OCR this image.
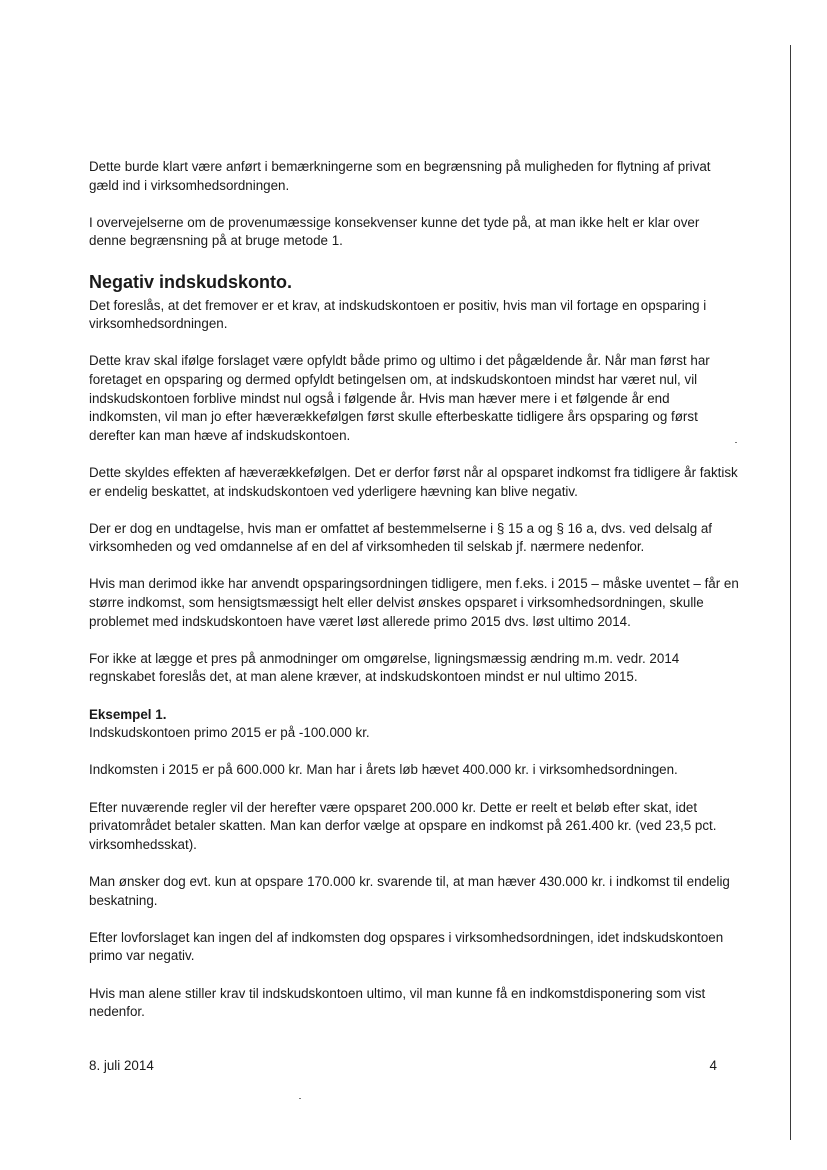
Dette burde klart være anført i bemærkningerne som en begrænsning på muligheden for flytning af privat gæld ind i virksomhedsordningen.

I overvejelserne om de provenumæssige konsekvenser kunne det tyde på, at man ikke helt er klar over denne begrænsning på at bruge metode 1.

Negativ indskudskonto.

Det foreslås, at det fremover er et krav, at indskudskontoen er positiv, hvis man vil fortage en opsparing i virksomhedsordningen.

Dette krav skal ifølge forslaget være opfyldt både primo og ultimo i det pågældende år. Når man først har foretaget en opsparing og dermed opfyldt betingelsen om, at indskudskontoen mindst har været nul, vil indskudskontoen forblive mindst nul også i følgende år. Hvis man hæver mere i et følgende år end indkomsten, vil man jo efter hæverækkefølgen først skulle efterbeskatte tidligere års opsparing og først derefter kan man hæve af indskudskontoen.

Dette skyldes effekten af hæverækkefølgen. Det er derfor først når al opsparet indkomst fra tidligere år faktisk er endelig beskattet, at indskudskontoen ved yderligere hævning kan blive negativ.

Der er dog en undtagelse, hvis man er omfattet af bestemmelserne i § 15 a og § 16 a, dvs. ved delsalg af virksomheden og ved omdannelse af en del af virksomheden til selskab jf. nærmere nedenfor.

Hvis man derimod ikke har anvendt opsparingsordningen tidligere, men f.eks. i 2015 – måske uventet – får en større indkomst, som hensigtsmæssigt helt eller delvist ønskes opsparet i virksomhedsordningen, skulle problemet med indskudskontoen have været løst allerede primo 2015 dvs. løst ultimo 2014.

For ikke at lægge et pres på anmodninger om omgørelse, ligningsmæssig ændring m.m. vedr. 2014 regnskabet foreslås det, at man alene kræver, at indskudskontoen mindst er nul ultimo 2015.

Eksempel 1.

Indskudskontoen primo 2015 er på -100.000 kr.

Indkomsten i 2015 er på 600.000 kr. Man har i årets løb hævet 400.000 kr. i virksomhedsordningen.

Efter nuværende regler vil der herefter være opsparet 200.000 kr. Dette er reelt et beløb efter skat, idet privatområdet betaler skatten. Man kan derfor vælge at opspare en indkomst på 261.400 kr. (ved 23,5 pct. virksomhedsskat).

Man ønsker dog evt. kun at opspare 170.000 kr. svarende til, at man hæver 430.000 kr. i indkomst til endelig beskatning.

Efter lovforslaget kan ingen del af indkomsten dog opspares i virksomhedsordningen, idet indskudskontoen primo var negativ.

Hvis man alene stiller krav til indskudskontoen ultimo, vil man kunne få en indkomstdisponering som vist nedenfor.

8. juli 2014	4
